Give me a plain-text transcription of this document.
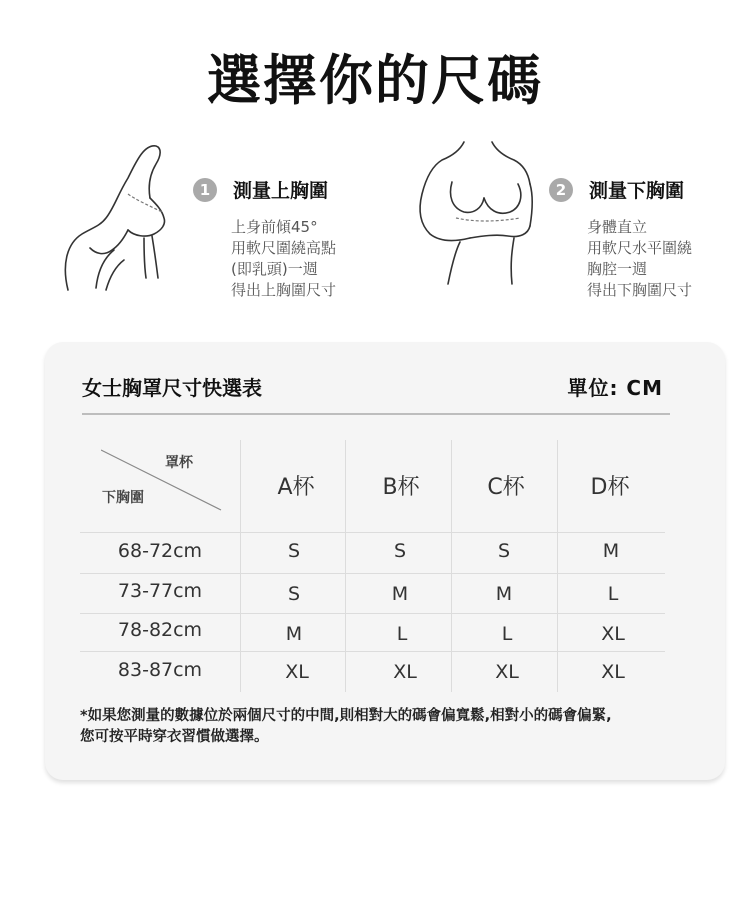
選擇你的尺碼
1	測量上胸圍
上身前傾45°
用軟尺圍繞高點
(即乳頭)一週
得出上胸圍尺寸
2	測量下胸圍
身體直立
用軟尺水平圍繞
胸腔一週
得出下胸圍尺寸
女士胸罩尺寸快選表	單位: CM
罩杯
下胸圍	A杯	B杯	C杯	D杯
68-72cm	S	S	S	M
73-77cm	S	M	M	L
78-82cm	M	L	L	XL
83-87cm	XL	XL	XL	XL
*如果您測量的數據位於兩個尺寸的中間,則相對大的碼會偏寬鬆,相對小的碼會偏緊,
您可按平時穿衣習慣做選擇。
